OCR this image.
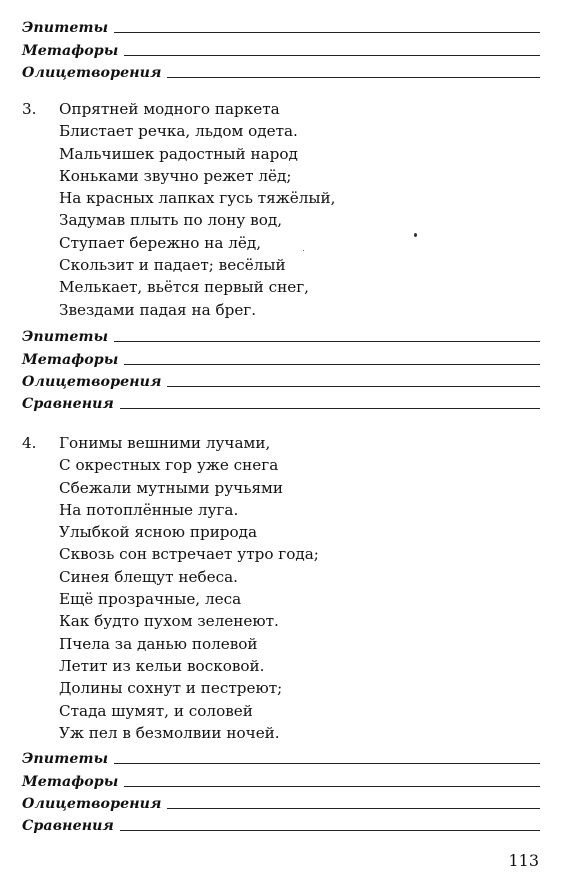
Эпитеты
Метафоры
Олицетворения
3. Опрятней модного паркета
Блистает речка, льдом одета.
Мальчишек радостный народ
Коньками звучно режет лёд;
На красных лапках гусь тяжёлый,
Задумав плыть по лону вод,
Ступает бережно на лёд,
Скользит и падает; весёлый
Мелькает, вьётся первый снег,
Звездами падая на брег.
Эпитеты
Метафоры
Олицетворения
Сравнения
4. Гонимы вешними лучами,
С окрестных гор уже снега
Сбежали мутными ручьями
На потоплённые луга.
Улыбкой ясною природа
Сквозь сон встречает утро года;
Синея блещут небеса.
Ещё прозрачные, леса
Как будто пухом зеленеют.
Пчела за данью полевой
Летит из кельи восковой.
Долины сохнут и пестреют;
Стада шумят, и соловей
Уж пел в безмолвии ночей.
Эпитеты
Метафоры
Олицетворения
Сравнения
113
